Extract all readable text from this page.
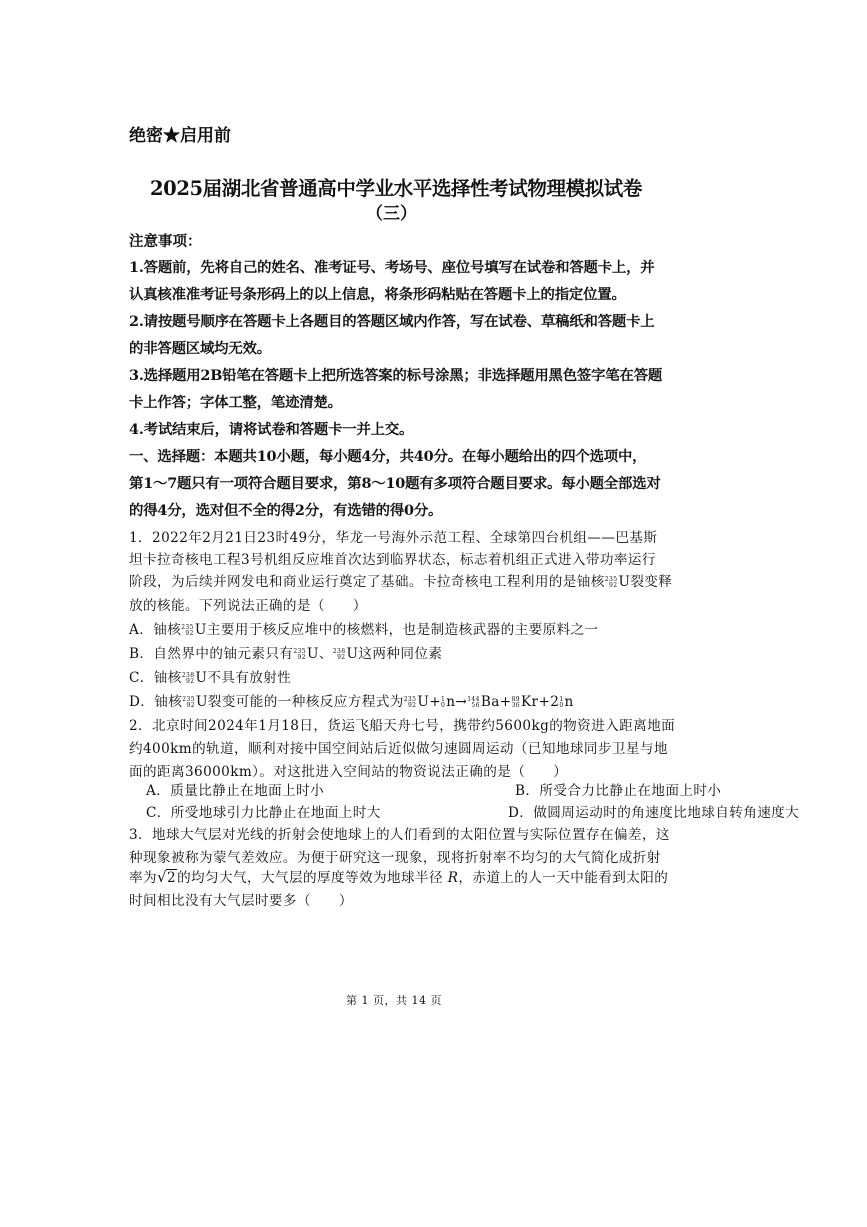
绝密★启用前
2025届湖北省普通高中学业水平选择性考试物理模拟试卷
（三）
注意事项：
1.答题前，先将自己的姓名、准考证号、考场号、座位号填写在试卷和答题卡上，并
认真核准准考证号条形码上的以上信息，将条形码粘贴在答题卡上的指定位置。
2.请按题号顺序在答题卡上各题目的答题区域内作答，写在试卷、草稿纸和答题卡上
的非答题区域均无效。
3.选择题用2B铅笔在答题卡上把所选答案的标号涂黑；非选择题用黑色签字笔在答题
卡上作答；字体工整，笔迹清楚。
4.考试结束后，请将试卷和答题卡一并上交。
一、选择题：本题共10小题，每小题4分，共40分。在每小题给出的四个选项中，
第1～7题只有一项符合题目要求，第8～10题有多项符合题目要求。每小题全部选对
的得4分，选对但不全的得2分，有选错的得0分。
1．2022年2月21日23时49分，华龙一号海外示范工程、全球第四台机组——巴基斯
坦卡拉奇核电工程3号机组反应堆首次达到临界状态，标志着机组正式进入带功率运行
阶段，为后续并网发电和商业运行奠定了基础。卡拉奇核电工程利用的是铀核 235
92 U裂变释
放的核能。下列说法正确的是（　　）
A．铀核 235
92 U主要用于核反应堆中的核燃料，也是制造核武器的主要原料之一
B．自然界中的铀元素只有 235
92 U、 238
92 U这两种同位素
C．铀核 238
92 U不具有放射性
D．铀核 235
92 U裂变可能的一种核反应方程式为 235
92 U+ 1
0 n→ 144
56 Ba+ 89
36 Kr+2 1
0 n
2．北京时间2024年1月18日，货运飞船天舟七号，携带约5600kg的物资进入距离地面
约400km的轨道，顺利对接中国空间站后近似做匀速圆周运动（已知地球同步卫星与地
面的距离36000km）。对这批进入空间站的物资说法正确的是（　　）
A．质量比静止在地面上时小	B．所受合力比静止在地面上时小
C．所受地球引力比静止在地面上时大	D．做圆周运动时的角速度比地球自转角速度大
3．地球大气层对光线的折射会使地球上的人们看到的太阳位置与实际位置存在偏差，这
种现象被称为蒙气差效应。为便于研究这一现象，现将折射率不均匀的大气简化成折射
率为 √ 2的均匀大气，大气层的厚度等效为地球半径 R，赤道上的人一天中能看到太阳的
时间相比没有大气层时要多（　　）
第 1 页，共 14 页
